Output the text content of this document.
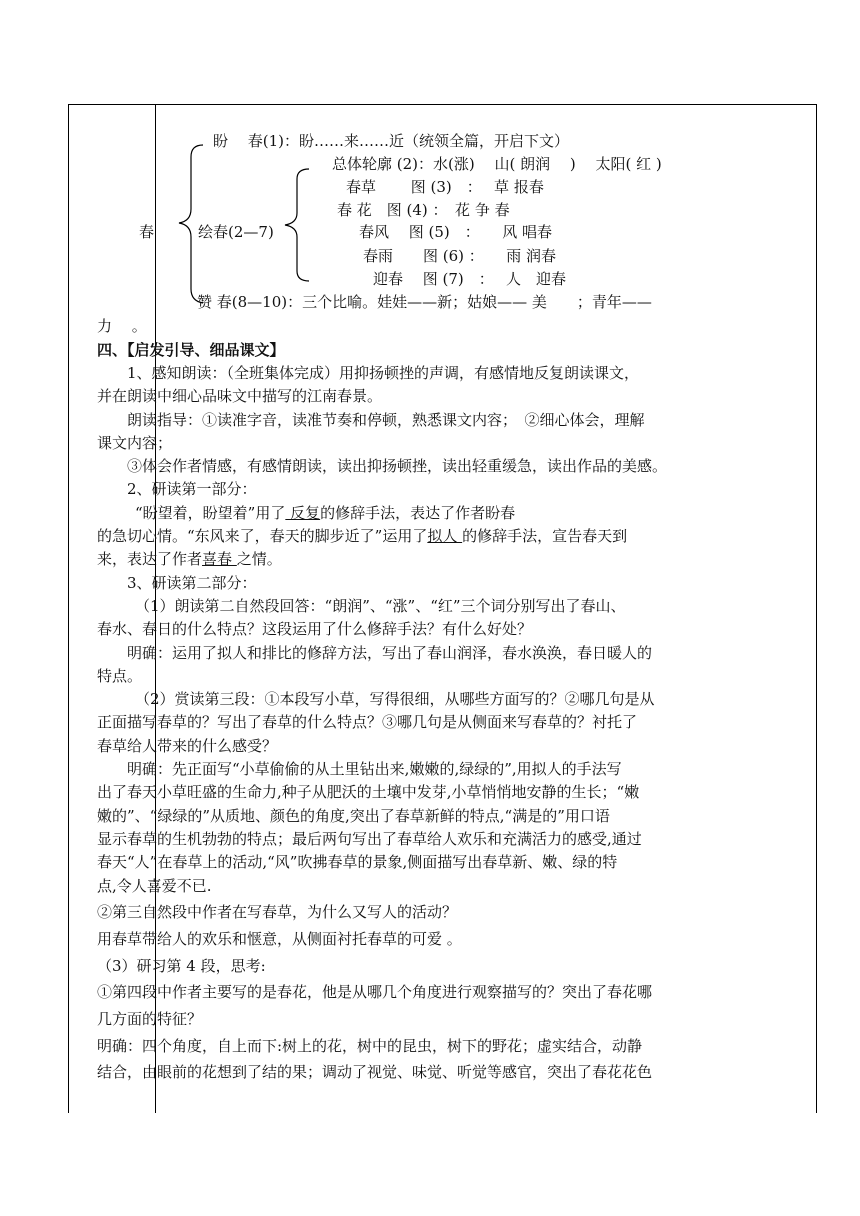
盼　 春(1)：盼……来……近（统领全篇，开启下文）
春	绘春(2—7)
总体轮廓 (2)：水(涨)　 山( 朗润　 )　 太阳( 红 )
春草　　 图 (3)　：　 草 报春
春 花　图 (4) ：　花 争 春
春风　 图 (5)　：　　风 唱春
春雨　　图 (6) ：　　雨 润春
迎春　 图 (7)　：　 人　迎春
赞 春(8—10)：三个比喻。娃娃——新；姑娘—— 美　　；青年——
力　 。
四、【启发引导、细品课文】
1、感知朗读：（全班集体完成）用抑扬顿挫的声调，有感情地反复朗读课文，
并在朗读中细心品味文中描写的江南春景。
朗读指导：①读准字音，读准节奏和停顿，熟悉课文内容；　②细心体会，理解
课文内容；
③体会作者情感，有感情朗读，读出抑扬顿挫，读出轻重缓急，读出作品的美感。
2、研读第一部分：
“盼望着，盼望着”用了 反复的修辞手法，表达了作者盼春
的急切心情。“东风来了，春天的脚步近了”运用了拟人 的修辞手法，宣告春天到
来，表达了作者喜春 之情。
3、研读第二部分：
（1）朗读第二自然段回答：“朗润”、“涨”、“红”三个词分别写出了春山、
春水、春日的什么特点？这段运用了什么修辞手法？有什么好处？
明确：运用了拟人和排比的修辞方法，写出了春山润泽，春水涣涣，春日暖人的
特点。
（2）赏读第三段：①本段写小草，写得很细，从哪些方面写的？②哪几句是从
正面描写春草的？写出了春草的什么特点？③哪几句是从侧面来写春草的？衬托了
春草给人带来的什么感受？
明确：先正面写“小草偷偷的从土里钻出来,嫩嫩的,绿绿的”,用拟人的手法写
出了春天小草旺盛的生命力,种子从肥沃的土壤中发芽,小草悄悄地安静的生长；“嫩
嫩的”、“绿绿的”从质地、颜色的角度,突出了春草新鲜的特点,“满是的”用口语
显示春草的生机勃勃的特点；最后两句写出了春草给人欢乐和充满活力的感受,通过
春天“人”在春草上的活动,“风”吹拂春草的景象,侧面描写出春草新、嫩、绿的特
点,令人喜爱不已.
②第三自然段中作者在写春草，为什么又写人的活动？
用春草带给人的欢乐和惬意，从侧面衬托春草的可爱 。
（3）研习第 4 段，思考:
①第四段中作者主要写的是春花，他是从哪几个角度进行观察描写的？突出了春花哪
几方面的特征？
明确：四个角度，自上而下:树上的花，树中的昆虫，树下的野花；虚实结合，动静
结合，由眼前的花想到了结的果；调动了视觉、味觉、听觉等感官，突出了春花花色
